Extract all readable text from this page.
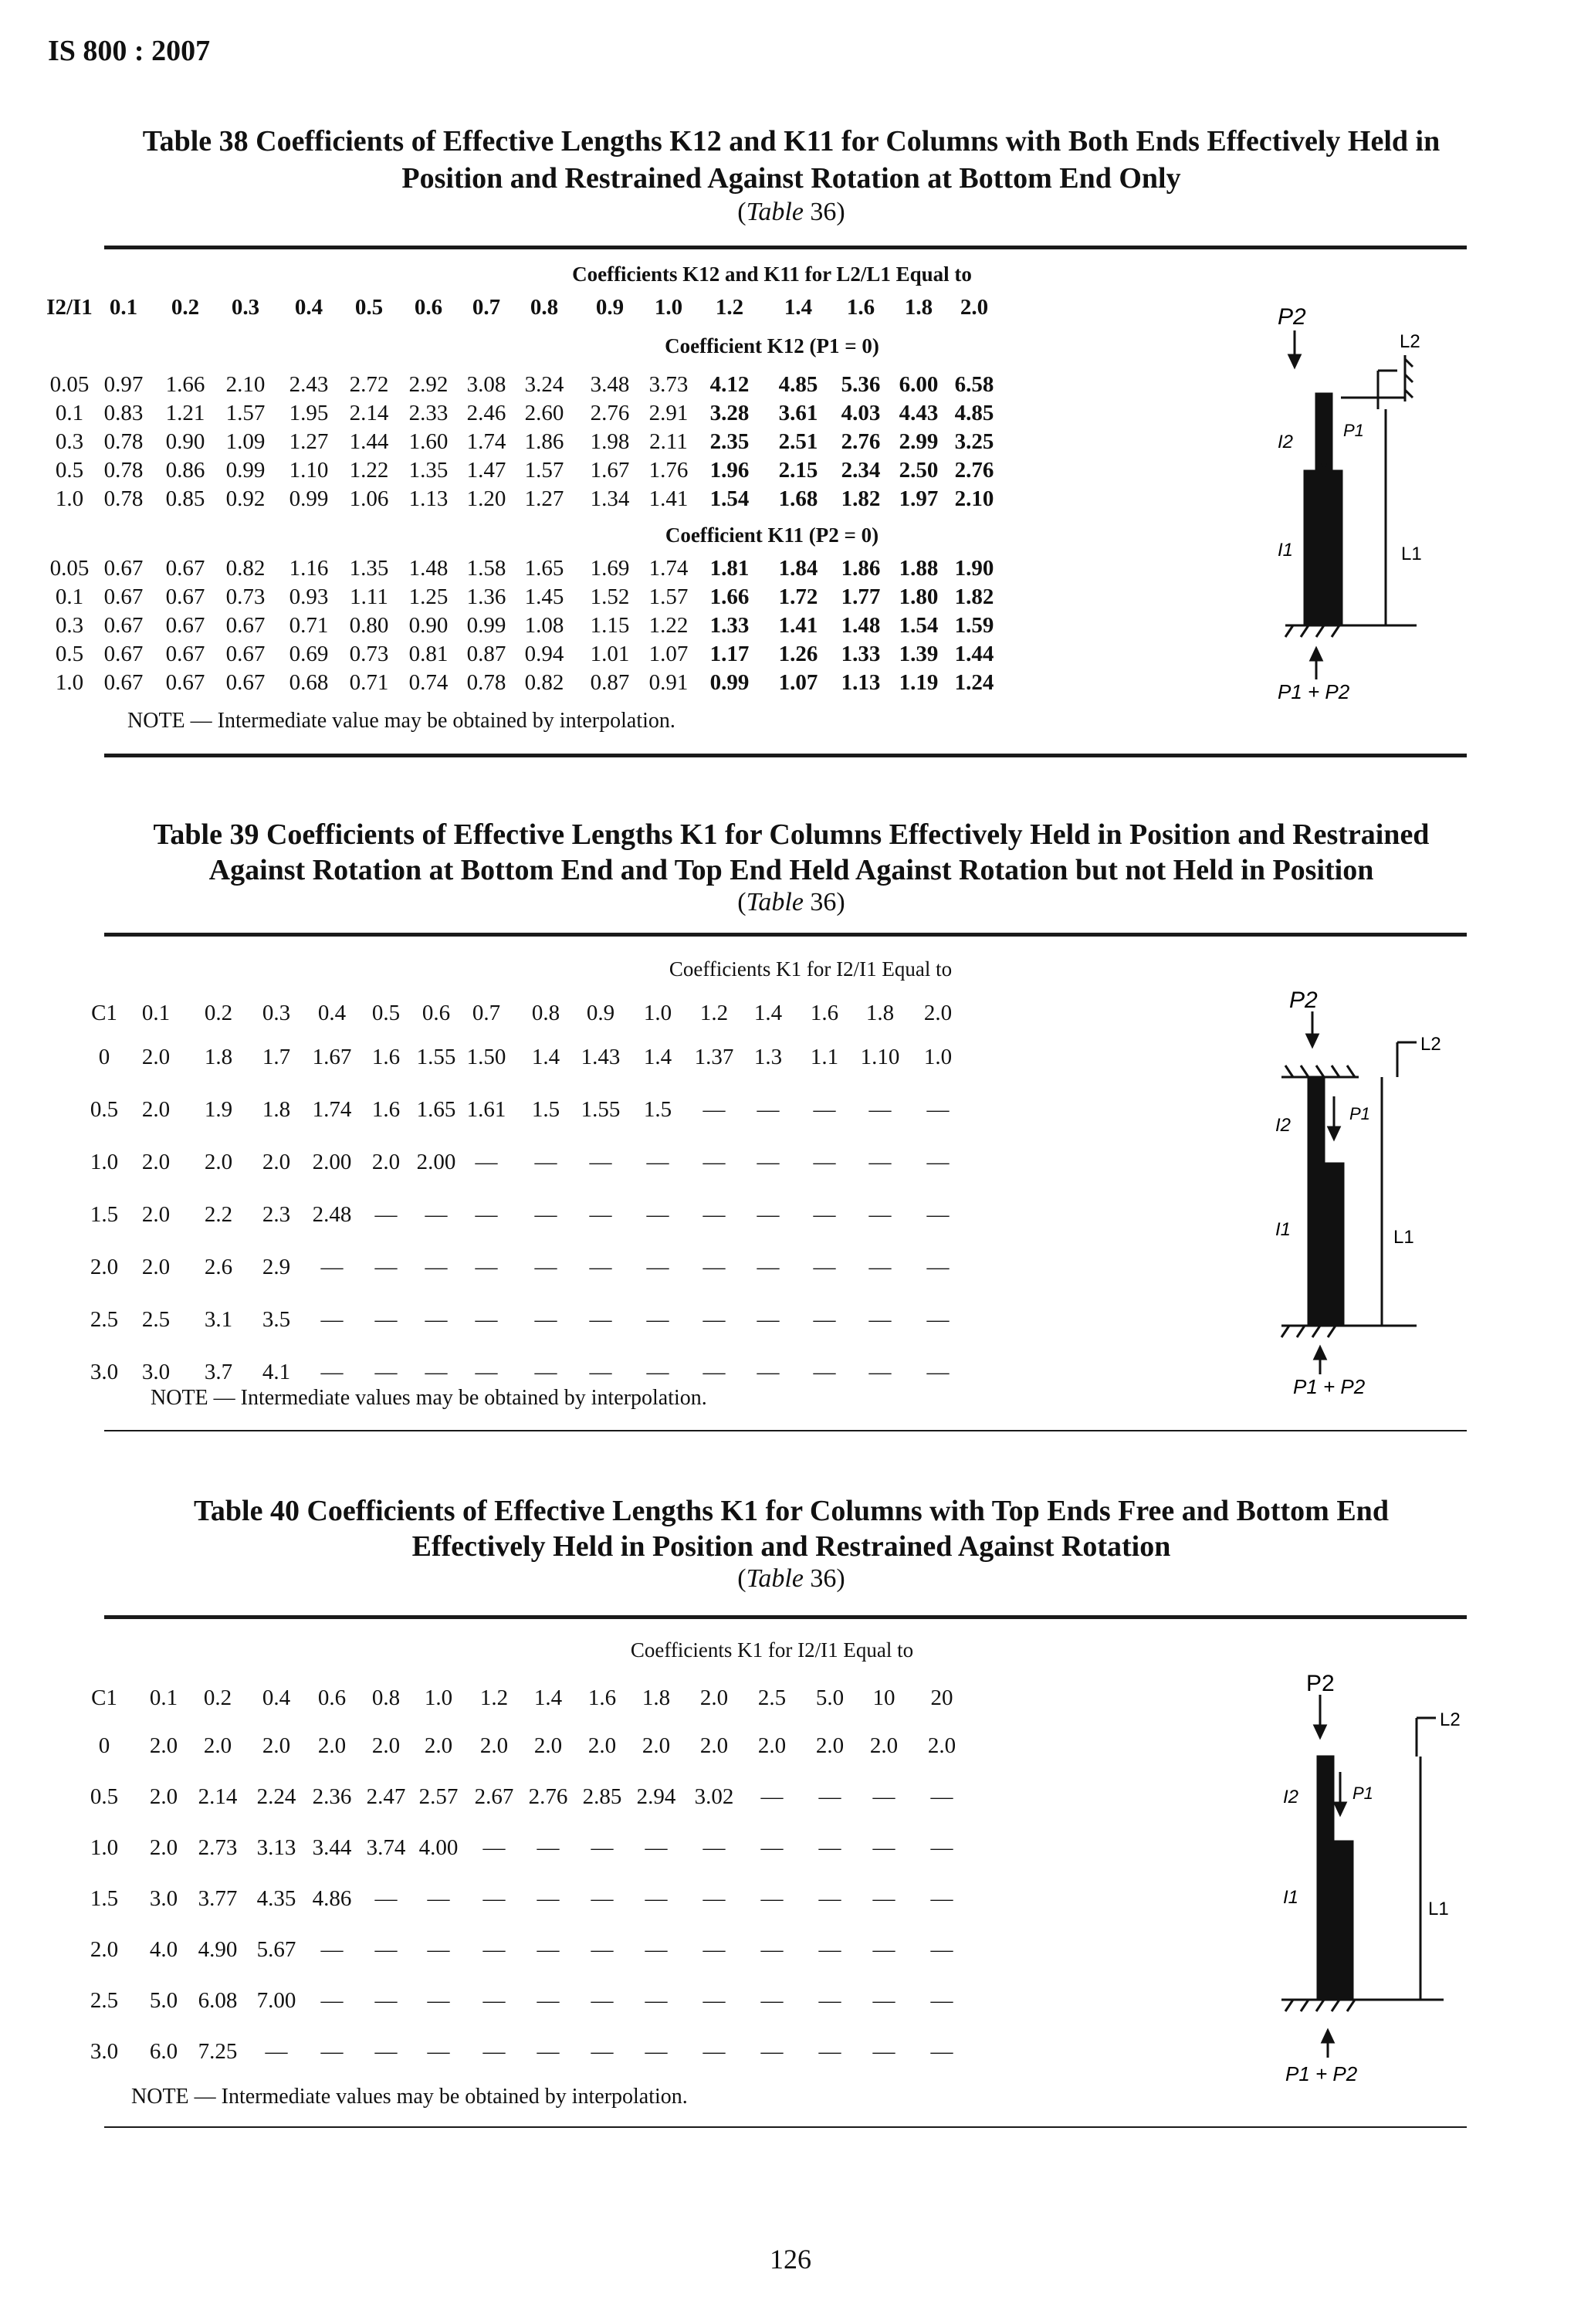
IS 800 : 2007
Table 38 Coefficients of Effective Lengths K12 and K11 for Columns with Both Ends Effectively Held in
Position and Restrained Against Rotation at Bottom End Only
(Table 36)
Coefficients K12 and K11 for L2/L1 Equal to
I2/I1 0.1	0.2	0.3	0.4	0.5	0.6	0.7	0.8	0.9	1.0	1.2	1.4	1.6	1.8	2.0
Coefficient K12 (P1 = 0)
0.05 0.97	1.66 2.10	2.43 2.72 2.92 3.08 3.24	3.48 3.73 4.12	4.85	5.36 6.00 6.58
0.1 0.83	1.21 1.57	1.95 2.14 2.33 2.46 2.60	2.76 2.91 3.28	3.61	4.03 4.43 4.85
0.3 0.78	0.90 1.09	1.27 1.44 1.60 1.74 1.86	1.98 2.11 2.35	2.51	2.76 2.99 3.25
0.5 0.78	0.86 0.99	1.10 1.22 1.35 1.47 1.57	1.67 1.76 1.96	2.15	2.34 2.50 2.76
1.0 0.78	0.85 0.92	0.99 1.06 1.13 1.20 1.27	1.34 1.41 1.54	1.68	1.82 1.97 2.10
Coefficient K11 (P2 = 0)
0.05 0.67	0.67 0.82	1.16 1.35 1.48 1.58 1.65	1.69 1.74 1.81	1.84	1.86 1.88 1.90
0.1 0.67	0.67 0.73	0.93 1.11 1.25 1.36 1.45	1.52 1.57 1.66	1.72	1.77 1.80 1.82
0.3 0.67	0.67 0.67	0.71 0.80 0.90 0.99 1.08	1.15 1.22 1.33	1.41	1.48 1.54 1.59
0.5 0.67	0.67 0.67	0.69 0.73 0.81 0.87 0.94	1.01 1.07 1.17	1.26	1.33 1.39 1.44
1.0 0.67	0.67 0.67	0.68 0.71 0.74 0.78 0.82	0.87 0.91 0.99	1.07	1.13 1.19 1.24
NOTE — Intermediate value may be obtained by interpolation.
P2
L2
P1
I2
I1	L1
P1 + P2
Table 39 Coefficients of Effective Lengths K1 for Columns Effectively Held in Position and Restrained
Against Rotation at Bottom End and Top End Held Against Rotation but not Held in Position
(Table 36)
Coefficients K1 for I2/I1 Equal to
C1	0.1	0.2	0.3	0.4	0.5 0.6 0.7	0.8	0.9	1.0	1.2	1.4	1.6	1.8	2.0
0	2.0	1.8	1.7 1.67 1.6 1.55 1.50	1.4 1.43	1.4	1.37 1.3	1.1 1.10	1.0
0.5	2.0	1.9	1.8 1.74 1.6 1.65 1.61	1.5 1.55	1.5	—	—	—	—	—
1.0	2.0	2.0	2.0 2.00 2.0 2.00 —	—	—	—	—	—	—	—	—
1.5	2.0	2.2	2.3 2.48	—	—	—	—	—	—	—	—	—	—	—
2.0	2.0	2.6	2.9	—	—	—	—	—	—	—	—	—	—	—	—
2.5	2.5	3.1	3.5	—	—	—	—	—	—	—	—	—	—	—	—
3.0	3.0	3.7	4.1	—	—	—	—	—	—	—	—	—	—	—	—
NOTE — Intermediate values may be obtained by interpolation.
P2
L2
P1
I2
I1	L1
P1 + P2
Table 40 Coefficients of Effective Lengths K1 for Columns with Top Ends Free and Bottom End
Effectively Held in Position and Restrained Against Rotation
(Table 36)
Coefficients K1 for I2/I1 Equal to
C1	0.1	0.2	0.4	0.6	0.8	1.0	1.2	1.4	1.6	1.8	2.0	2.5	5.0	10	20
0	2.0	2.0	2.0	2.0	2.0	2.0	2.0	2.0	2.0	2.0	2.0	2.0	2.0	2.0	2.0
0.5	2.0 2.14 2.24 2.36 2.47 2.57 2.67 2.76 2.85 2.94 3.02	—	—	—	—
1.0	2.0 2.73 3.13 3.44 3.74 4.00	—	—	—	—	—	—	—	—	—
1.5	3.0 3.77 4.35 4.86	—	—	—	—	—	—	—	—	—	—	—
2.0	4.0 4.90 5.67	—	—	—	—	—	—	—	—	—	—	—	—
2.5	5.0 6.08 7.00	—	—	—	—	—	—	—	—	—	—	—	—
3.0	6.0 7.25	—	—	—	—	—	—	—	—	—	—	—	—	—
NOTE — Intermediate values may be obtained by interpolation.
P2
L2
P1
I2
I1
L1
P1 + P2
126
